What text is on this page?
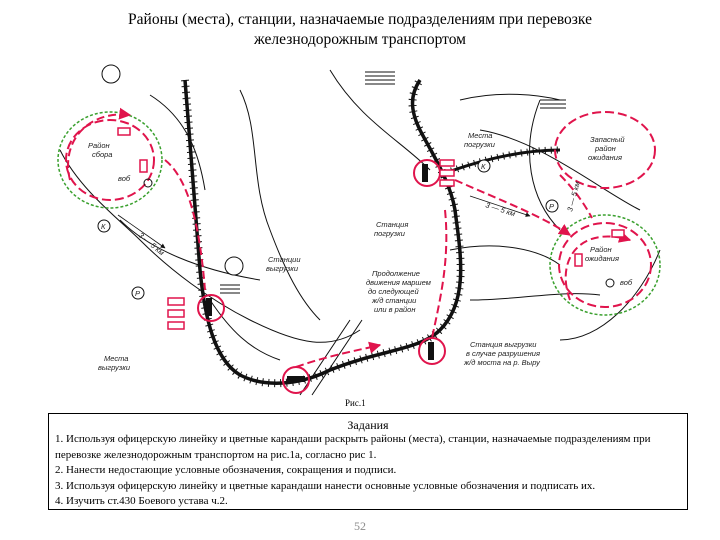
Районы (места), станции, назначаемые подразделениям при перевозке
железнодорожным транспортом
Район сбора
воб
Места погрузки
Станция погрузки
Станции выгрузки
Места выгрузки
Станция выгрузки в случае разрушения ж/д моста на р. Выру
Продолжение движения маршем до следующей ж/д станции или в район
Запасный район ожидания
Район ожидания
воб
3 — 5 км
3 — 5 км	3 — 5 км
К
К
Р
Р
Рис.1
Задания

1. Используя офицерскую линейку и цветные карандаши раскрыть районы (места), станции, назначаемые подразделениям при перевозке железнодорожным транспортом на рис.1а, согласно рис 1.

2. Нанести недостающие условные обозначения, сокращения и подписи.

3. Используя офицерскую линейку и цветные карандаши нанести основные условные обозначения и подписать их.

4. Изучить ст.430 Боевого устава ч.2.

52
